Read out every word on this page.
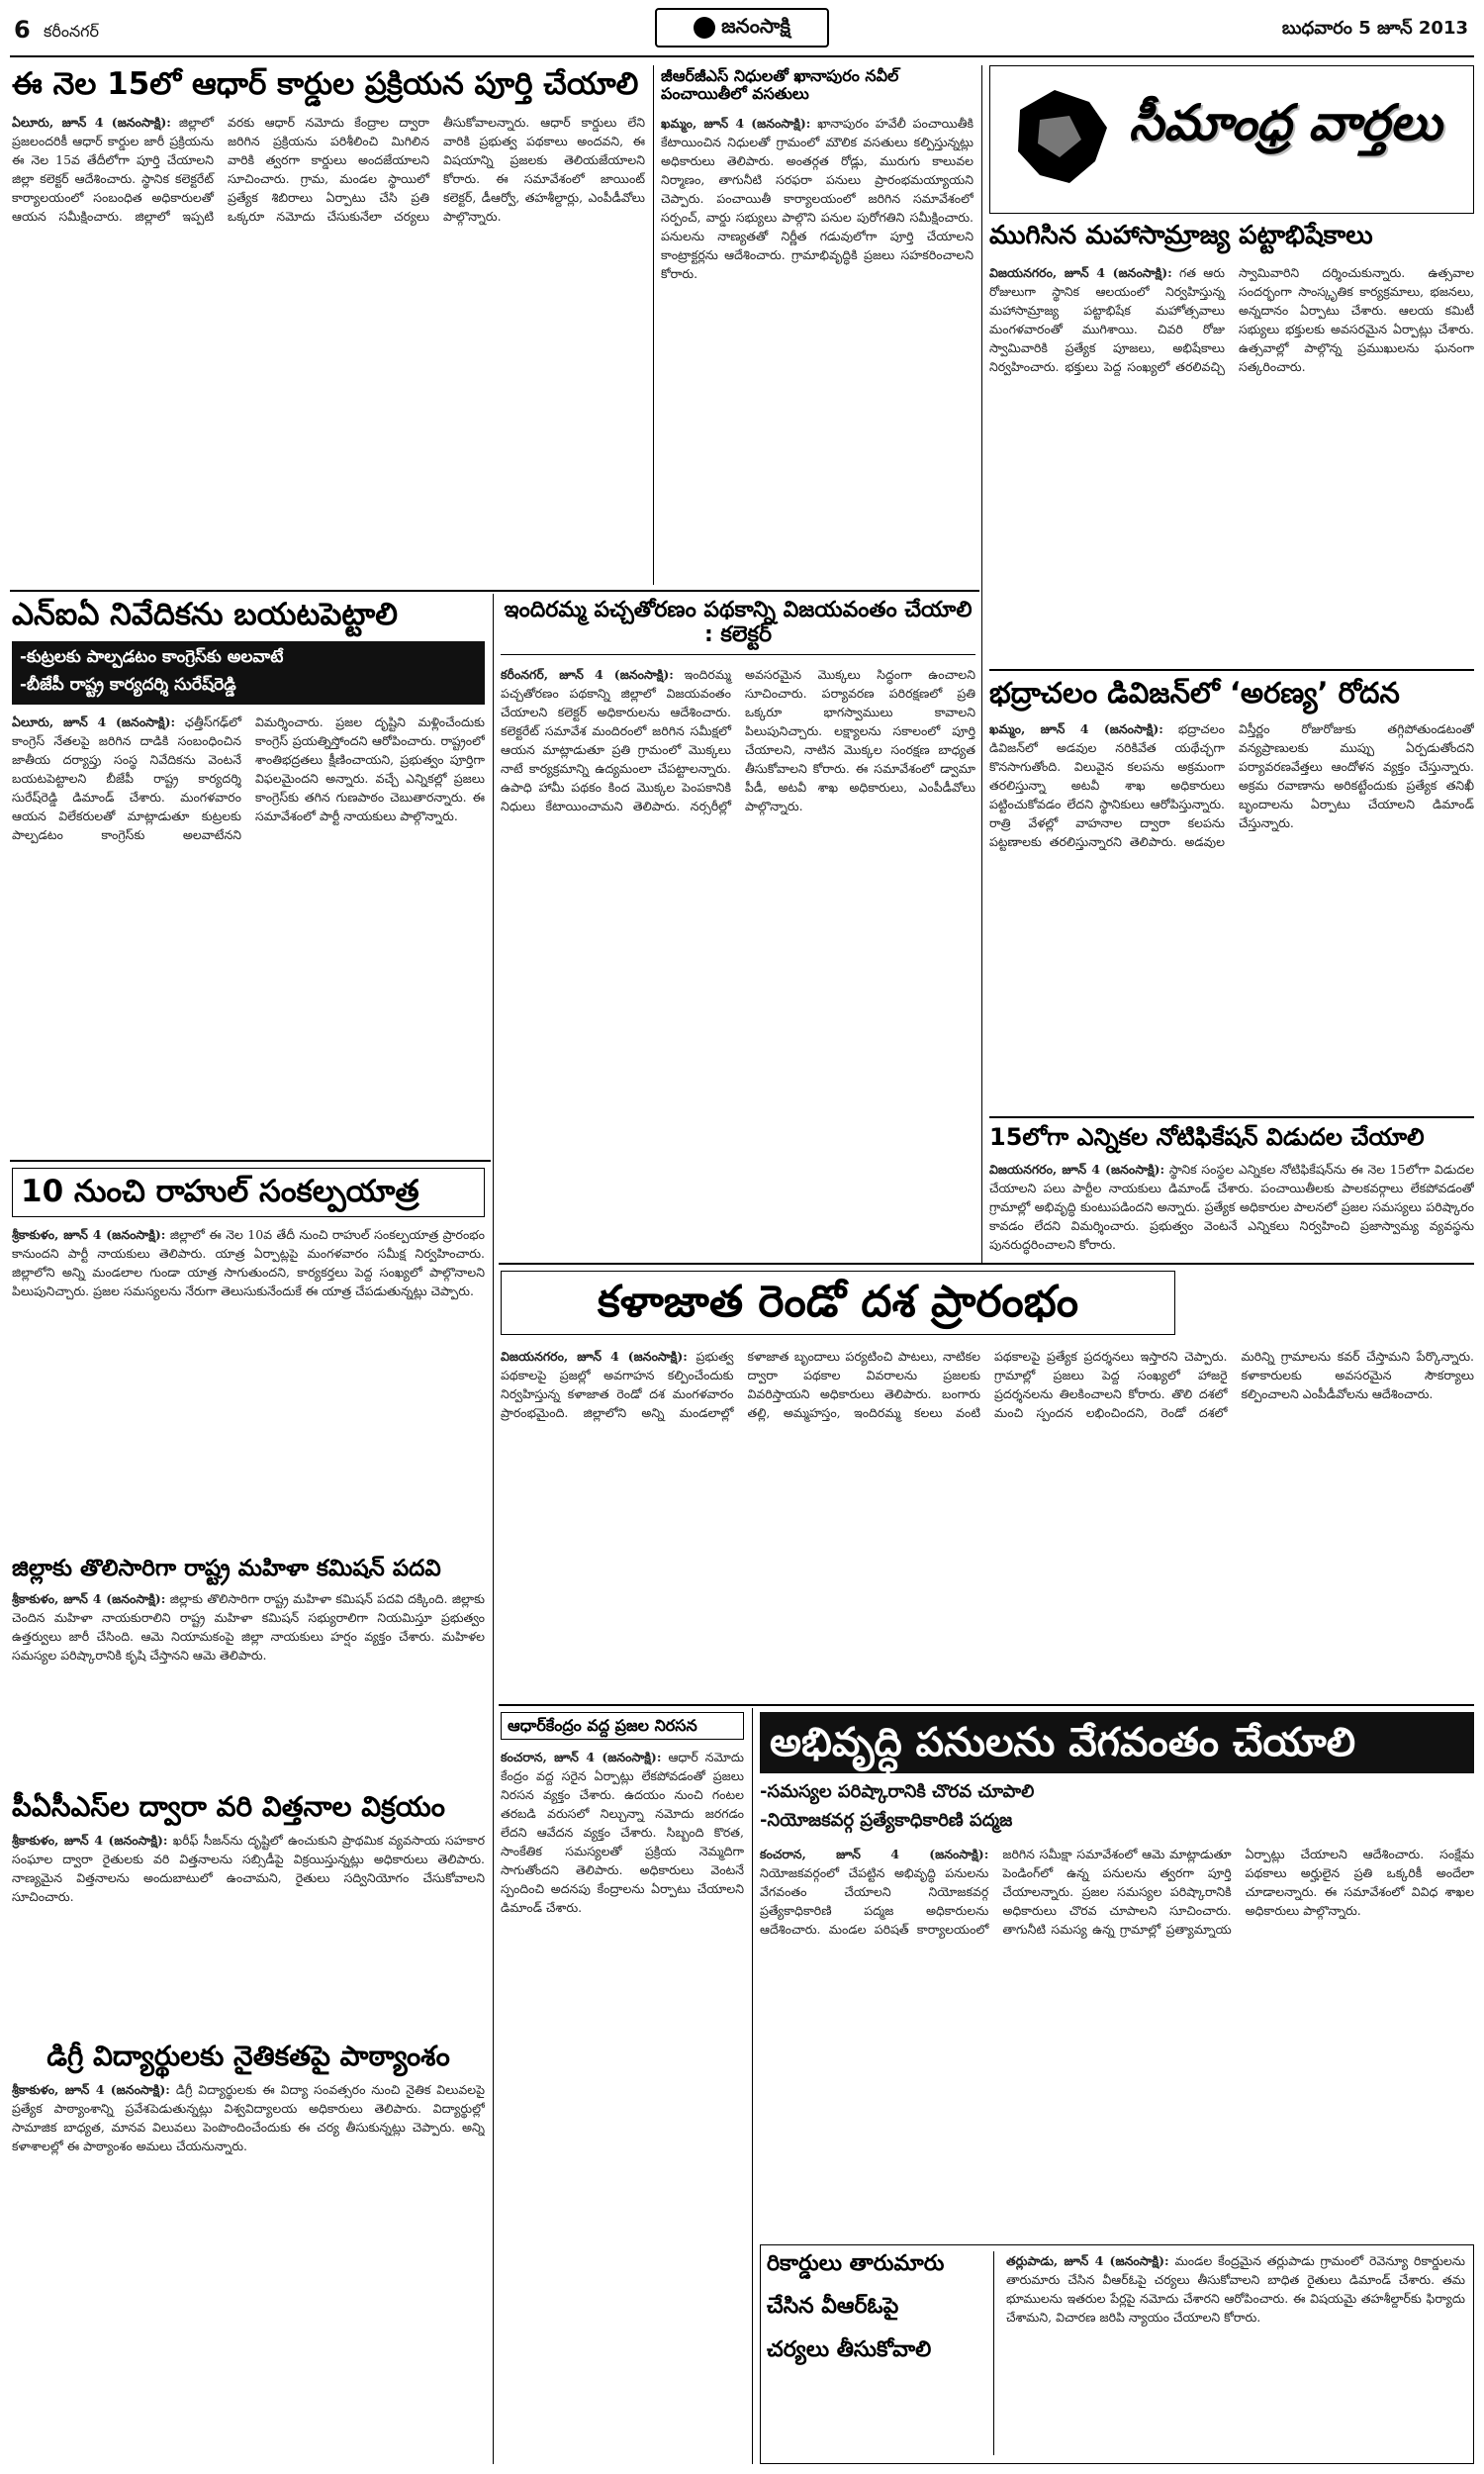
6 కరీంనగర్	జనంసాక్షి	బుధవారం 5 జూన్ 2013
ఈ నెల 15లో ఆధార్ కార్డుల ప్రక్రియన పూర్తి చేయాలి
ఏలూరు, జూన్ 4 (జనంసాక్షి): జిల్లాలో ప్రజలందరికీ ఆధార్ కార్డుల జారీ ప్రక్రియను ఈ నెల 15వ తేదీలోగా పూర్తి చేయాలని జిల్లా కలెక్టర్ ఆదేశించారు. స్థానిక కలెక్టరేట్ కార్యాలయంలో సంబంధిత అధికారులతో ఆయన సమీక్షించారు. జిల్లాలో ఇప్పటి వరకు ఆధార్ నమోదు కేంద్రాల ద్వారా జరిగిన ప్రక్రియను పరిశీలించి మిగిలిన వారికి త్వరగా కార్డులు అందజేయాలని సూచించారు. గ్రామ, మండల స్థాయిలో ప్రత్యేక శిబిరాలు ఏర్పాటు చేసి ప్రతి ఒక్కరూ నమోదు చేసుకునేలా చర్యలు తీసుకోవాలన్నారు. ఆధార్ కార్డులు లేని వారికి ప్రభుత్వ పథకాలు అందవని, ఈ విషయాన్ని ప్రజలకు తెలియజేయాలని కోరారు. ఈ సమావేశంలో జాయింట్ కలెక్టర్, డీఆర్వో, తహశీల్దార్లు, ఎంపీడీవోలు పాల్గొన్నారు.
జీఆర్‌జీఎస్ నిధులతో ఖానాపురం నవీల్ పంచాయితీలో వసతులు
ఖమ్మం, జూన్ 4 (జనంసాక్షి): ఖానాపురం హవేలీ పంచాయితీకి కేటాయించిన నిధులతో గ్రామంలో మౌలిక వసతులు కల్పిస్తున్నట్లు అధికారులు తెలిపారు. అంతర్గత రోడ్లు, మురుగు కాలువల నిర్మాణం, తాగునీటి సరఫరా పనులు ప్రారంభమయ్యాయని చెప్పారు. పంచాయితీ కార్యాలయంలో జరిగిన సమావేశంలో సర్పంచ్, వార్డు సభ్యులు పాల్గొని పనుల పురోగతిని సమీక్షించారు. పనులను నాణ్యతతో నిర్ణీత గడువులోగా పూర్తి చేయాలని కాంట్రాక్టర్లను ఆదేశించారు. గ్రామాభివృద్ధికి ప్రజలు సహకరించాలని కోరారు.
సీమాంధ్ర వార్తలు
ముగిసిన మహాసామ్రాజ్య పట్టాభిషేకాలు
విజయనగరం, జూన్ 4 (జనంసాక్షి): గత ఆరు రోజులుగా స్థానిక ఆలయంలో నిర్వహిస్తున్న మహాసామ్రాజ్య పట్టాభిషేక మహోత్సవాలు మంగళవారంతో ముగిశాయి. చివరి రోజు స్వామివారికి ప్రత్యేక పూజలు, అభిషేకాలు నిర్వహించారు. భక్తులు పెద్ద సంఖ్యలో తరలివచ్చి స్వామివారిని దర్శించుకున్నారు. ఉత్సవాల సందర్భంగా సాంస్కృతిక కార్యక్రమాలు, భజనలు, అన్నదానం ఏర్పాటు చేశారు. ఆలయ కమిటీ సభ్యులు భక్తులకు అవసరమైన ఏర్పాట్లు చేశారు. ఉత్సవాల్లో పాల్గొన్న ప్రముఖులను ఘనంగా సత్కరించారు.
ఎన్ఐఏ నివేదికను బయటపెట్టాలి
-కుట్రలకు పాల్పడటం కాంగ్రెస్‌కు అలవాటే
-బీజేపీ రాష్ట్ర కార్యదర్శి సురేష్‌రెడ్డి
ఏలూరు, జూన్ 4 (జనంసాక్షి): ఛత్తీస్‌గఢ్‌లో కాంగ్రెస్ నేతలపై జరిగిన దాడికి సంబంధించిన జాతీయ దర్యాప్తు సంస్థ నివేదికను వెంటనే బయటపెట్టాలని బీజేపీ రాష్ట్ర కార్యదర్శి సురేష్‌రెడ్డి డిమాండ్ చేశారు. మంగళవారం ఆయన విలేకరులతో మాట్లాడుతూ కుట్రలకు పాల్పడటం కాంగ్రెస్‌కు అలవాటేనని విమర్శించారు. ప్రజల దృష్టిని మళ్లించేందుకు కాంగ్రెస్ ప్రయత్నిస్తోందని ఆరోపించారు. రాష్ట్రంలో శాంతిభద్రతలు క్షీణించాయని, ప్రభుత్వం పూర్తిగా విఫలమైందని అన్నారు. వచ్చే ఎన్నికల్లో ప్రజలు కాంగ్రెస్‌కు తగిన గుణపాఠం చెబుతారన్నారు. ఈ సమావేశంలో పార్టీ నాయకులు పాల్గొన్నారు.
ఇందిరమ్మ పచ్చతోరణం పథకాన్ని విజయవంతం చేయాలి : కలెక్టర్
కరీంనగర్, జూన్ 4 (జనంసాక్షి): ఇందిరమ్మ పచ్చతోరణం పథకాన్ని జిల్లాలో విజయవంతం చేయాలని కలెక్టర్ అధికారులను ఆదేశించారు. కలెక్టరేట్ సమావేశ మందిరంలో జరిగిన సమీక్షలో ఆయన మాట్లాడుతూ ప్రతి గ్రామంలో మొక్కలు నాటే కార్యక్రమాన్ని ఉద్యమంలా చేపట్టాలన్నారు. ఉపాధి హామీ పథకం కింద మొక్కల పెంపకానికి నిధులు కేటాయించామని తెలిపారు. నర్సరీల్లో అవసరమైన మొక్కలు సిద్ధంగా ఉంచాలని సూచించారు. పర్యావరణ పరిరక్షణలో ప్రతి ఒక్కరూ భాగస్వాములు కావాలని పిలుపునిచ్చారు. లక్ష్యాలను సకాలంలో పూర్తి చేయాలని, నాటిన మొక్కల సంరక్షణ బాధ్యత తీసుకోవాలని కోరారు. ఈ సమావేశంలో డ్వామా పీడీ, అటవీ శాఖ అధికారులు, ఎంపీడీవోలు పాల్గొన్నారు.
భద్రాచలం డివిజన్‌లో ‘అరణ్య’ రోదన
ఖమ్మం, జూన్ 4 (జనంసాక్షి): భద్రాచలం డివిజన్‌లో అడవుల నరికివేత యథేచ్ఛగా కొనసాగుతోంది. విలువైన కలపను అక్రమంగా తరలిస్తున్నా అటవీ శాఖ అధికారులు పట్టించుకోవడం లేదని స్థానికులు ఆరోపిస్తున్నారు. రాత్రి వేళల్లో వాహనాల ద్వారా కలపను పట్టణాలకు తరలిస్తున్నారని తెలిపారు. అడవుల విస్తీర్ణం రోజురోజుకు తగ్గిపోతుండటంతో వన్యప్రాణులకు ముప్పు ఏర్పడుతోందని పర్యావరణవేత్తలు ఆందోళన వ్యక్తం చేస్తున్నారు. అక్రమ రవాణాను అరికట్టేందుకు ప్రత్యేక తనిఖీ బృందాలను ఏర్పాటు చేయాలని డిమాండ్ చేస్తున్నారు.
15లోగా ఎన్నికల నోటిఫికేషన్ విడుదల చేయాలి
విజయనగరం, జూన్ 4 (జనంసాక్షి): స్థానిక సంస్థల ఎన్నికల నోటిఫికేషన్‌ను ఈ నెల 15లోగా విడుదల చేయాలని పలు పార్టీల నాయకులు డిమాండ్ చేశారు. పంచాయితీలకు పాలకవర్గాలు లేకపోవడంతో గ్రామాల్లో అభివృద్ధి కుంటుపడిందని అన్నారు. ప్రత్యేక అధికారుల పాలనలో ప్రజల సమస్యలు పరిష్కారం కావడం లేదని విమర్శించారు. ప్రభుత్వం వెంటనే ఎన్నికలు నిర్వహించి ప్రజాస్వామ్య వ్యవస్థను పునరుద్ధరించాలని కోరారు.
10 నుంచి రాహుల్ సంకల్పయాత్ర
శ్రీకాకుళం, జూన్ 4 (జనంసాక్షి): జిల్లాలో ఈ నెల 10వ తేదీ నుంచి రాహుల్ సంకల్పయాత్ర ప్రారంభం కానుందని పార్టీ నాయకులు తెలిపారు. యాత్ర ఏర్పాట్లపై మంగళవారం సమీక్ష నిర్వహించారు. జిల్లాలోని అన్ని మండలాల గుండా యాత్ర సాగుతుందని, కార్యకర్తలు పెద్ద సంఖ్యలో పాల్గొనాలని పిలుపునిచ్చారు. ప్రజల సమస్యలను నేరుగా తెలుసుకునేందుకే ఈ యాత్ర చేపడుతున్నట్లు చెప్పారు.
జిల్లాకు తొలిసారిగా రాష్ట్ర మహిళా కమిషన్ పదవి
శ్రీకాకుళం, జూన్ 4 (జనంసాక్షి): జిల్లాకు తొలిసారిగా రాష్ట్ర మహిళా కమిషన్ పదవి దక్కింది. జిల్లాకు చెందిన మహిళా నాయకురాలిని రాష్ట్ర మహిళా కమిషన్ సభ్యురాలిగా నియమిస్తూ ప్రభుత్వం ఉత్తర్వులు జారీ చేసింది. ఆమె నియామకంపై జిల్లా నాయకులు హర్షం వ్యక్తం చేశారు. మహిళల సమస్యల పరిష్కారానికి కృషి చేస్తానని ఆమె తెలిపారు.
పీఏసీఎస్‌ల ద్వారా వరి విత్తనాల విక్రయం
శ్రీకాకుళం, జూన్ 4 (జనంసాక్షి): ఖరీఫ్ సీజన్‌ను దృష్టిలో ఉంచుకుని ప్రాథమిక వ్యవసాయ సహకార సంఘాల ద్వారా రైతులకు వరి విత్తనాలను సబ్సిడీపై విక్రయిస్తున్నట్లు అధికారులు తెలిపారు. నాణ్యమైన విత్తనాలను అందుబాటులో ఉంచామని, రైతులు సద్వినియోగం చేసుకోవాలని సూచించారు.
డిగ్రీ విద్యార్థులకు నైతికతపై పాఠ్యాంశం
శ్రీకాకుళం, జూన్ 4 (జనంసాక్షి): డిగ్రీ విద్యార్థులకు ఈ విద్యా సంవత్సరం నుంచి నైతిక విలువలపై ప్రత్యేక పాఠ్యాంశాన్ని ప్రవేశపెడుతున్నట్లు విశ్వవిద్యాలయ అధికారులు తెలిపారు. విద్యార్థుల్లో సామాజిక బాధ్యత, మానవ విలువలు పెంపొందించేందుకు ఈ చర్య తీసుకున్నట్లు చెప్పారు. అన్ని కళాశాలల్లో ఈ పాఠ్యాంశం అమలు చేయనున్నారు.
కళాజాత రెండో దశ ప్రారంభం
విజయనగరం, జూన్ 4 (జనంసాక్షి): ప్రభుత్వ పథకాలపై ప్రజల్లో అవగాహన కల్పించేందుకు నిర్వహిస్తున్న కళాజాత రెండో దశ మంగళవారం ప్రారంభమైంది. జిల్లాలోని అన్ని మండలాల్లో కళాజాత బృందాలు పర్యటించి పాటలు, నాటికల ద్వారా పథకాల వివరాలను ప్రజలకు వివరిస్తాయని అధికారులు తెలిపారు. బంగారు తల్లి, అమ్మహస్తం, ఇందిరమ్మ కలలు వంటి పథకాలపై ప్రత్యేక ప్రదర్శనలు ఇస్తారని చెప్పారు. గ్రామాల్లో ప్రజలు పెద్ద సంఖ్యలో హాజరై ప్రదర్శనలను తిలకించాలని కోరారు. తొలి దశలో మంచి స్పందన లభించిందని, రెండో దశలో మరిన్ని గ్రామాలను కవర్ చేస్తామని పేర్కొన్నారు. కళాకారులకు అవసరమైన సౌకర్యాలు కల్పించాలని ఎంపీడీవోలను ఆదేశించారు.
ఆధార్‌కేంద్రం వద్ద ప్రజల నిరసన
కంచరాన, జూన్ 4 (జనంసాక్షి): ఆధార్ నమోదు కేంద్రం వద్ద సరైన ఏర్పాట్లు లేకపోవడంతో ప్రజలు నిరసన వ్యక్తం చేశారు. ఉదయం నుంచి గంటల తరబడి వరుసలో నిల్చున్నా నమోదు జరగడం లేదని ఆవేదన వ్యక్తం చేశారు. సిబ్బంది కొరత, సాంకేతిక సమస్యలతో ప్రక్రియ నెమ్మదిగా సాగుతోందని తెలిపారు. అధికారులు వెంటనే స్పందించి అదనపు కేంద్రాలను ఏర్పాటు చేయాలని డిమాండ్ చేశారు.
అభివృద్ధి పనులను వేగవంతం చేయాలి
-సమస్యల పరిష్కారానికి చొరవ చూపాలి
-నియోజకవర్గ ప్రత్యేకాధికారిణి పద్మజ
కంచరాన, జూన్ 4 (జనంసాక్షి): నియోజకవర్గంలో చేపట్టిన అభివృద్ధి పనులను వేగవంతం చేయాలని నియోజకవర్గ ప్రత్యేకాధికారిణి పద్మజ అధికారులను ఆదేశించారు. మండల పరిషత్ కార్యాలయంలో జరిగిన సమీక్షా సమావేశంలో ఆమె మాట్లాడుతూ పెండింగ్‌లో ఉన్న పనులను త్వరగా పూర్తి చేయాలన్నారు. ప్రజల సమస్యల పరిష్కారానికి అధికారులు చొరవ చూపాలని సూచించారు. తాగునీటి సమస్య ఉన్న గ్రామాల్లో ప్రత్యామ్నాయ ఏర్పాట్లు చేయాలని ఆదేశించారు. సంక్షేమ పథకాలు అర్హులైన ప్రతి ఒక్కరికీ అందేలా చూడాలన్నారు. ఈ సమావేశంలో వివిధ శాఖల అధికారులు పాల్గొన్నారు.
రికార్డులు తారుమారు
చేసిన వీఆర్‌ఓపై
చర్యలు తీసుకోవాలి
తర్లుపాడు, జూన్ 4 (జనంసాక్షి): మండల కేంద్రమైన తర్లుపాడు గ్రామంలో రెవెన్యూ రికార్డులను తారుమారు చేసిన వీఆర్‌ఓపై చర్యలు తీసుకోవాలని బాధిత రైతులు డిమాండ్ చేశారు. తమ భూములను ఇతరుల పేర్లపై నమోదు చేశారని ఆరోపించారు. ఈ విషయమై తహశీల్దార్‌కు ఫిర్యాదు చేశామని, విచారణ జరిపి న్యాయం చేయాలని కోరారు.
